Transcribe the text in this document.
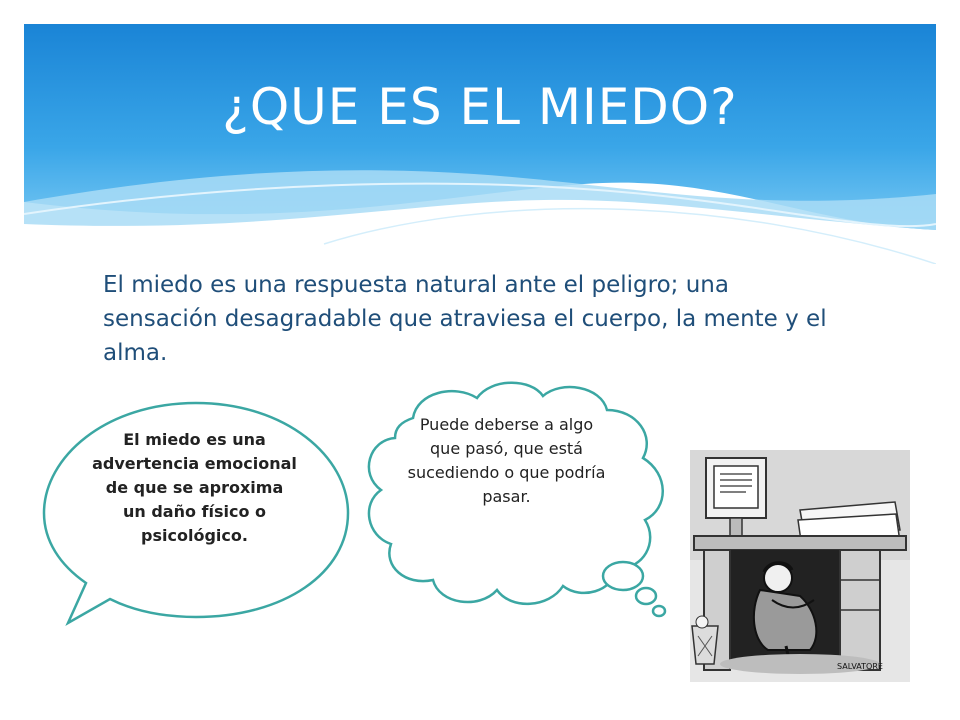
¿QUE ES EL MIEDO?
El miedo es una respuesta natural ante el peligro; una sensación desagradable que atraviesa el cuerpo, la mente y el alma.
El miedo es una advertencia emocional de que se aproxima un daño físico o psicológico.
Puede deberse a algo que pasó, que está sucediendo o que podría pasar.
SALVATORE
